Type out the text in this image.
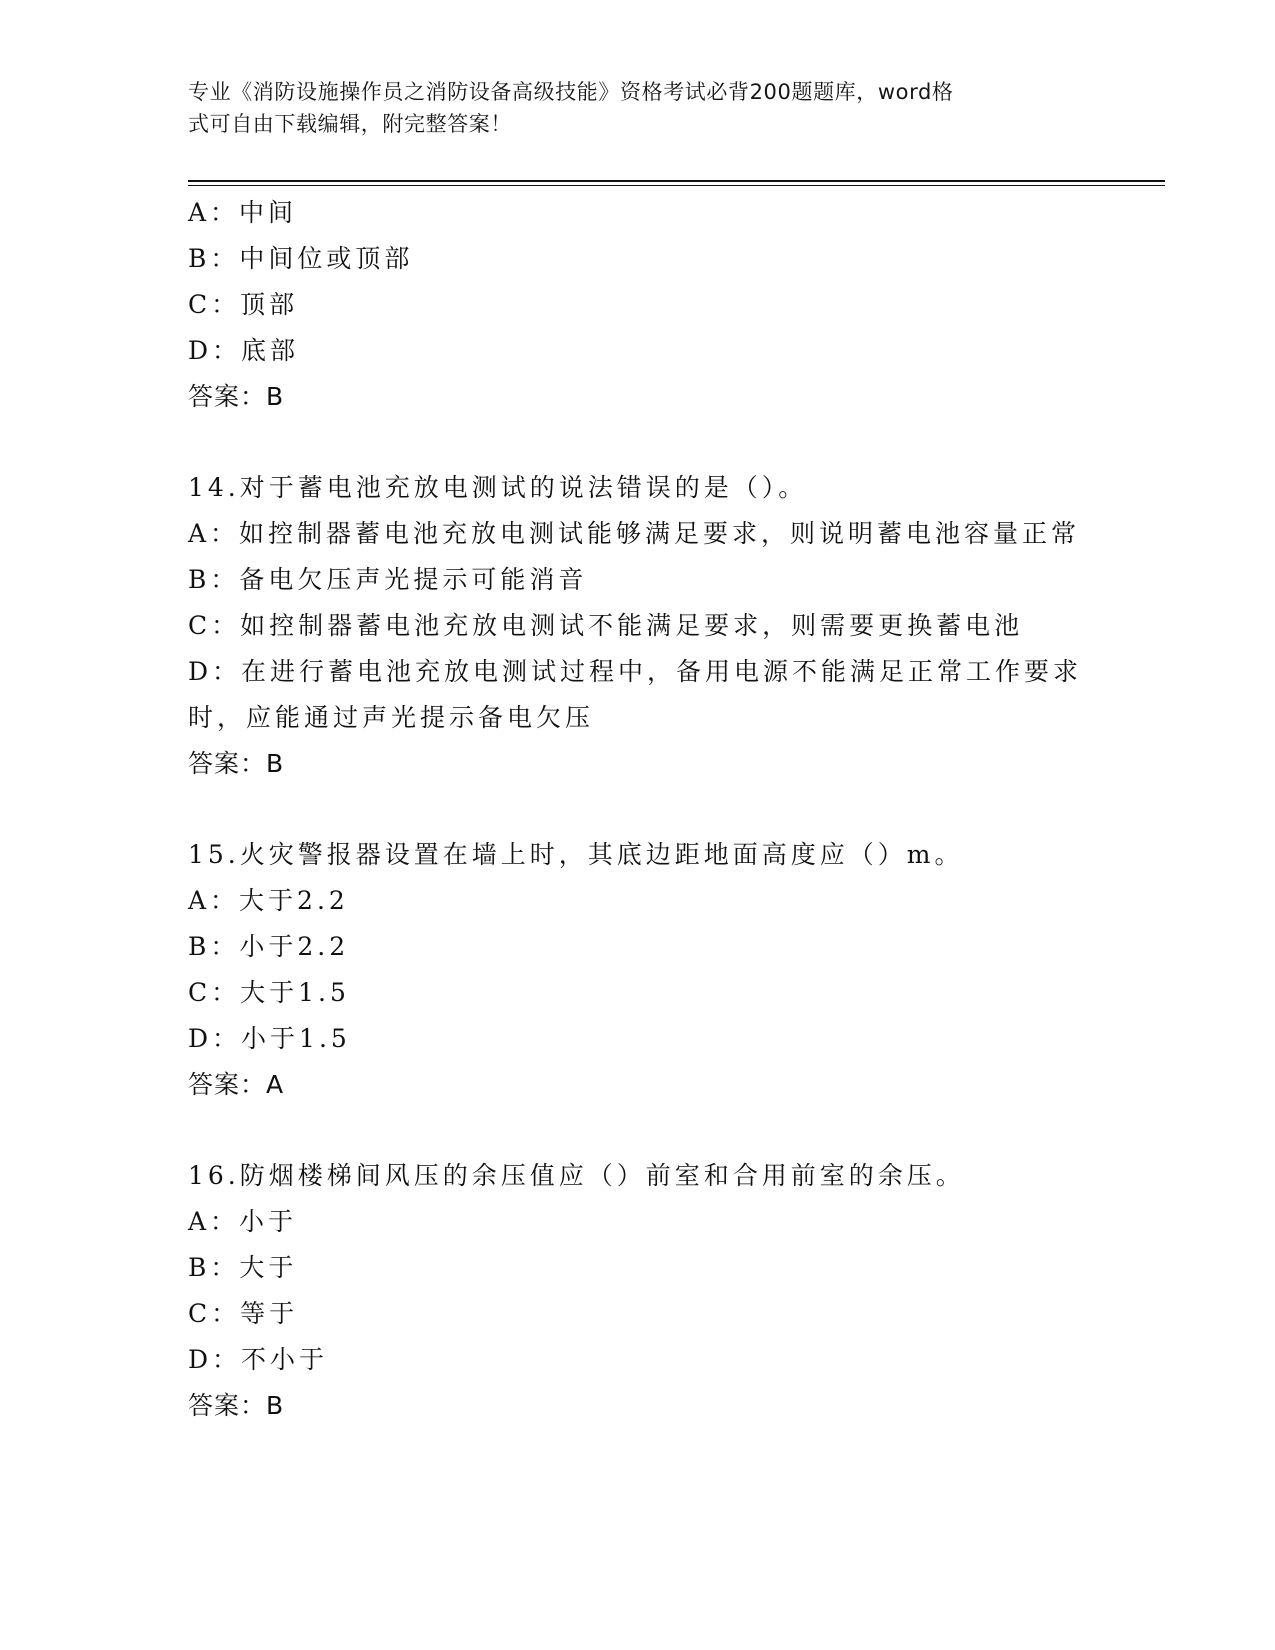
专业《消防设施操作员之消防设备高级技能》资格考试必背200题题库，word格
式可自由下载编辑，附完整答案！
A：中间
B：中间位或顶部
C：顶部
D：底部
答案：B
14.对于蓄电池充放电测试的说法错误的是（）。
A：如控制器蓄电池充放电测试能够满足要求，则说明蓄电池容量正常
B：备电欠压声光提示可能消音
C：如控制器蓄电池充放电测试不能满足要求，则需要更换蓄电池
D：在进行蓄电池充放电测试过程中，备用电源不能满足正常工作要求
时，应能通过声光提示备电欠压
答案：B
15.火灾警报器设置在墙上时，其底边距地面高度应（）m。
A：大于2.2
B：小于2.2
C：大于1.5
D：小于1.5
答案：A
16.防烟楼梯间风压的余压值应（）前室和合用前室的余压。
A：小于
B：大于
C：等于
D：不小于
答案：B
